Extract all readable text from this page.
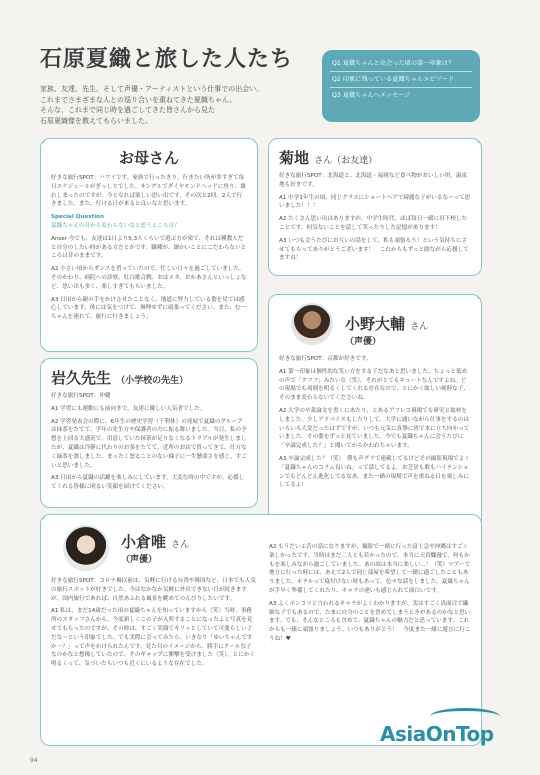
石原夏織と旅した人たち
家族、友達、先生、そして声優・アーティストという仕事での出会い。
これまでさまざまな人との巡り合いを重ねてきた夏織ちゃん。
そんな、これまで同じ時を過ごしてきた皆さんから見た
石原夏織像を教えてもらいました。
Q1 夏織ちゃんと出会った頃の第一印象は？
Q2 印象に残っている夏織ちゃんエピソード
Q3 夏織ちゃんへメッセージ
お母さん

好きな旅行SPOT：ハワイです。家族で行ったきり、行きたい所が多すぎて毎日スケジュールがぎっしりでした。サングルでダイヤモンドヘッドに登り、壊れしまったのですが、今となれば楽しい思い出です。その次と2回、2人で行きました。また、行ける日が来ると良いなと思います。

Special Question

夏織ちゃんの昔から変わらないなと思うところは？

Anser 今でも、友達は1日より5,3人くらいで遊ぶ方が楽で、それは種教人だと自分のしたい時がある方だとかです。職種が、細かいことにこだわらないところは昔のままです。

A2 小さい頃からダンスを習っていたので、忙しい日々を過ごしていました。そのかわり、病院への診察、紅白歌合戦、おはスタ、おかあさんといっしょなど、思い出も多く、楽しすぎてもらいました。

A3 日頃から親の手をかけさせたことなく、地道に努力している姿を見ては感心しています。体には気をつけて、無理せずに頑張ってください。また、む一ちゃんを連れて、旅行に行きましょう。

菊地 さん（お友達）

好きな旅行SPOT：北海道と、北海道・福岡など食べ物がおいしい所。温泉地も好きです。

A1 中学1年生の頃。同じクラスにショートヘアで綺麗な子がいるなーって思いました！！！

A2 たくさん思い出はありますが、中学生時代、ほぼ毎日一緒に昼下校したことです。何気ないことを話して笑ったりした記憶があります！

A3 いつも会うたびにお互いの話をして、私も頑張ろう！という気持ちにさせてもらってありがとうございます！　これからもずっと陰ながら応援してますね！

小野大輔 さん
（声優）

好きな旅行SPOT：京都が好きです。

A1 第一印象は個性的な笑い方をする子だなあと思いました。ちょっと低めの声で「クフフ」みたいな（笑）。それがとてもキュートなんですよね。どの現場でも周囲を明るくしてくれる存在なので、とにかく眩しい純粋な子、そのまま変わらないでくださいね。

A2 大学の卒業論文を書くにあたり、とあるアフレコ現場でも研究と取材をしました。少しアドバイスもしたりして、大学に通いながら仕事をするのはいろいろ大変だったはずですが、いつも元気に真摯に皆で本に立ち向かっていました。その姿をずっと見ていました。今でも夏織ちゃんに会うたびに「卒論完成した？」と聞いてからかわれちゃいます。

A3 卒論完成した？（笑）　僕も声グラで連載してるけどその撮影現場でよく「夏織ちゃんのコラム良いね」って話してるよ。お芝居も歌もハイテンションでもどんどん進化してるなあ。また一緒の現場で声を重ねる日を楽しみにしてるよ！

岩久先生 （小学校の先生）

好きな旅行SPOT：沖縄

A1 学習にも運動にも前向きで、友達に優しい人気者でした。

A2 学習発表会の際に、6年生の歴史学習（千利休）の発展で夏織のグループは抹茶をたてて、学年の先生方や保護者の方に振る舞いました。当日、私の予想を上回る大盛況で、用意していた抹茶が足りなくなるトラブルが発生しましたが、夏織は冷静に代わりのお茶をたてて、近所のお店で買ってきて、仕方なく緑茶を渡しました。まったく怒ることのない様子に一生懸命さを感じ、すごいと思いました。

A3 日頃から夏織の活躍を楽しみにしています。大変な時の中ですが、応援してくれる皆様に明るい笑顔を届けてください。

小倉唯 さん
（声優）

好きな旅行SPOT：コロナ禍以前は、気軽に行ける台湾や韓国など、日本でも人気の旅行スポットが好きでした。今はなかなか気軽に外出できない日が続きますが、国内旅行であれば、自然あふれる風景を眺めてのんびりしたいです。

A1 私は、まだ14歳だった頃の夏織ちゃんを知っていますから（笑）当時、事務所のスタッフさんから、今度新しくこの子が入所することになったよと写真を見せてもらったのですが、その時は、すごく笑顔でキリッとしていて可愛らしい子だな〜という印象でした。でも実際に会ってみたら、いきなり「ゆいちゃんですか〜？」って声をかけられたんです。見た目のイメージから、勝手にクールな子なのかなと想像していたので、そのギャップに衝撃を受けました（笑）。とにかく明るくって、気づいたらいつも近くにいるような存在でした。

A2 もうだいぶ昔の話になりますが、撮影で一緒に行った富士急や沖縄はすごく楽しかったです。当時はまだ二人とも若かったので、本当に天真爛漫で、何もかもを楽しみながら過ごしていました。あの頃は本当に楽しい…！（笑）ツアーで地方に行った時には、あえて2人で同じ部屋を希望して一緒に過ごしたこともありました。ホテルって寝付けない時もあって、色々な話をしました。夏織ちゃんが手早く準備してくれたり、キャラの違いも感じられて面白いです。

A3 よくポンコツと言われるキャラがよくわかりますが、実はすごく真面目で繊細な子でもあるので、たまに自分のことを責めてしまうときがあるのかなと思います。でも、そんなところも含めて、夏織ちゃんの魅力だと思っています。これからも一緒に頑張りましょう。いつもありがとう！　今度また一緒に遊びに行こうね！♥

AsiaOnTop
94
